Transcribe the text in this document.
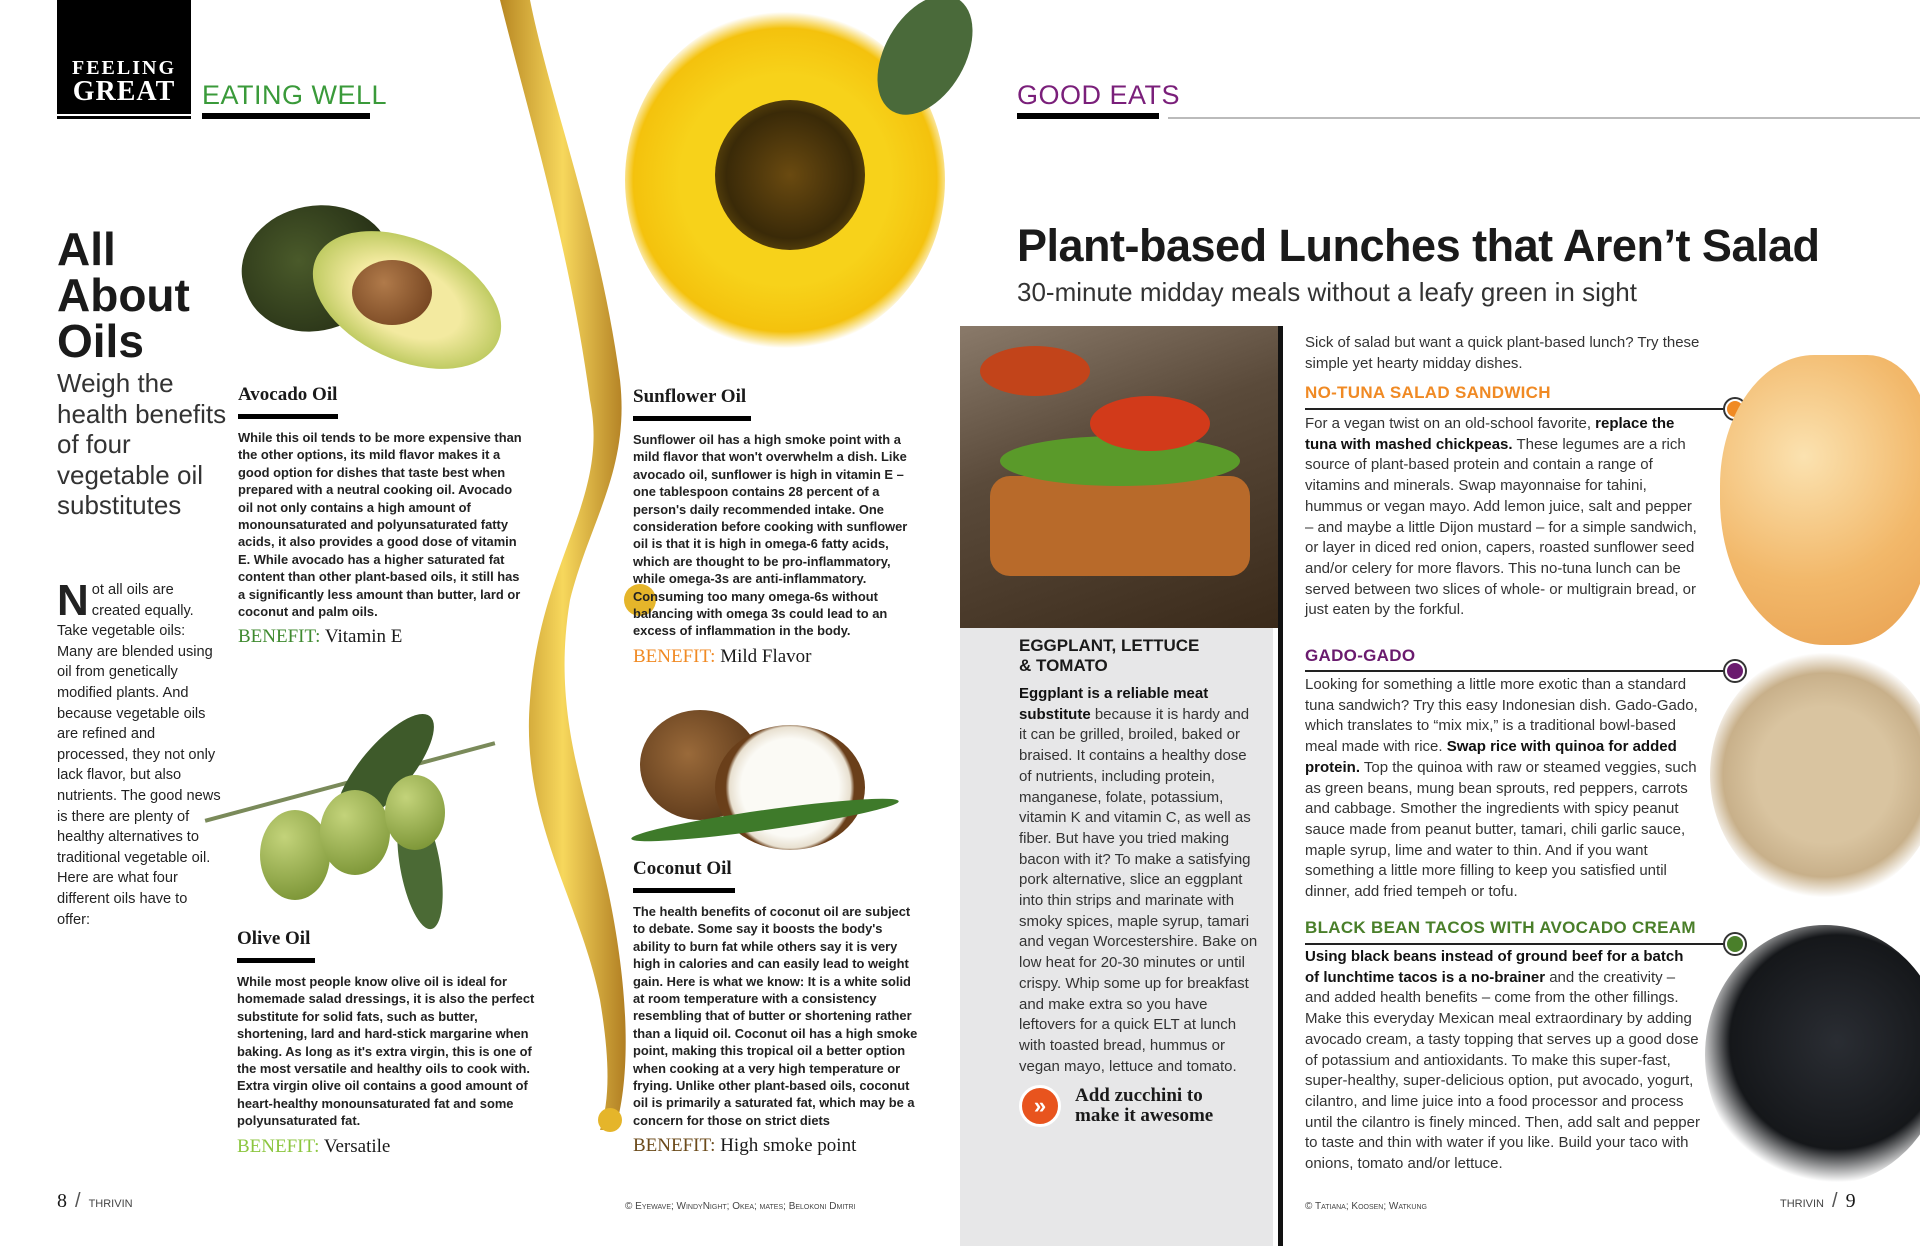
FEELING
GREAT EATING WELL
All
About
Oils
Weigh the health benefits of four vegetable oil substitutes
Not all oils are created equally. Take vegetable oils: Many are blended using oil from genetically modified plants. And because vegetable oils are refined and processed, they not only lack flavor, but also nutrients. The good news is there are plenty of healthy alternatives to traditional vegetable oil. Here are what four different oils have to offer:
Avocado Oil
While this oil tends to be more expensive than the other options, its mild flavor makes it a good option for dishes that taste best when prepared with a neutral cooking oil. Avocado oil not only contains a high amount of monounsaturated and polyunsaturated fatty acids, it also provides a good dose of vitamin E. While avocado has a higher saturated fat content than other plant-based oils, it still has a significantly less amount than butter, lard or coconut and palm oils.
BENEFIT: Vitamin E
Olive Oil
While most people know olive oil is ideal for homemade salad dressings, it is also the perfect substitute for solid fats, such as butter, shortening, lard and hard-stick margarine when baking. As long as it's extra virgin, this is one of the most versatile and healthy oils to cook with. Extra virgin olive oil contains a good amount of heart-healthy monounsaturated fat and some polyunsaturated fat.
BENEFIT: Versatile
Sunflower Oil
Sunflower oil has a high smoke point with a mild flavor that won't overwhelm a dish. Like avocado oil, sunflower is high in vitamin E – one tablespoon contains 28 percent of a person's daily recommended intake. One consideration before cooking with sunflower oil is that it is high in omega-6 fatty acids, which are thought to be pro-inflammatory, while omega-3s are anti-inflammatory. Consuming too many omega-6s without balancing with omega 3s could lead to an excess of inflammation in the body.
BENEFIT: Mild Flavor
Coconut Oil
The health benefits of coconut oil are subject to debate. Some say it boosts the body's ability to burn fat while others say it is very high in calories and can easily lead to weight gain. Here is what we know: It is a white solid at room temperature with a consistency resembling that of butter or shortening rather than a liquid oil. Coconut oil has a high smoke point, making this tropical oil a better option when cooking at a very high temperature or frying. Unlike other plant-based oils, coconut oil is primarily a saturated fat, which may be a concern for those on strict diets
BENEFIT: High smoke point
8 / THRIVIN	© Eyewave; WindyNight; Okea; mates; Belokoni Dmitri
GOOD EATS
Plant-based Lunches that Aren’t Salad
30-minute midday meals without a leafy green in sight
EGGPLANT, LETTUCE & TOMATO
Eggplant is a reliable meat substitute because it is hardy and it can be grilled, broiled, baked or braised. It contains a healthy dose of nutrients, including protein, manganese, folate, potassium, vitamin K and vitamin C, as well as fiber. But have you tried making bacon with it? To make a satisfying pork alternative, slice an eggplant into thin strips and marinate with smoky spices, maple syrup, tamari and vegan Worcestershire. Bake on low heat for 20-30 minutes or until crispy. Whip some up for breakfast and make extra so you have leftovers for a quick ELT at lunch with toasted bread, hummus or vegan mayo, lettuce and tomato.
»	Add zucchini to make it awesome
Sick of salad but want a quick plant-based lunch? Try these simple yet hearty midday dishes.
NO-TUNA SALAD SANDWICH
For a vegan twist on an old-school favorite, replace the tuna with mashed chickpeas. These legumes are a rich source of plant-based protein and contain a range of vitamins and minerals. Swap mayonnaise for tahini, hummus or vegan mayo. Add lemon juice, salt and pepper – and maybe a little Dijon mustard – for a simple sandwich, or layer in diced red onion, capers, roasted sunflower seed and/or celery for more flavors. This no-tuna lunch can be served between two slices of whole- or multigrain bread, or just eaten by the forkful.
GADO-GADO
Looking for something a little more exotic than a standard tuna sandwich? Try this easy Indonesian dish. Gado-Gado, which translates to “mix mix,” is a traditional bowl-based meal made with rice. Swap rice with quinoa for added protein. Top the quinoa with raw or steamed veggies, such as green beans, mung bean sprouts, red peppers, carrots and cabbage. Smother the ingredients with spicy peanut sauce made from peanut butter, tamari, chili garlic sauce, maple syrup, lime and water to thin. And if you want something a little more filling to keep you satisfied until dinner, add fried tempeh or tofu.
BLACK BEAN TACOS WITH AVOCADO CREAM
Using black beans instead of ground beef for a batch of lunchtime tacos is a no-brainer and the creativity – and added health benefits – come from the other fillings. Make this everyday Mexican meal extraordinary by adding avocado cream, a tasty topping that serves up a good dose of potassium and antioxidants. To make this super-fast, super-healthy, super-delicious option, put avocado, yogurt, cilantro, and lime juice into a food processor and process until the cilantro is finely minced. Then, add salt and pepper to taste and thin with water if you like. Build your taco with onions, tomato and/or lettuce.
© Tatiana; Koosen; Watkung	THRIVIN / 9
